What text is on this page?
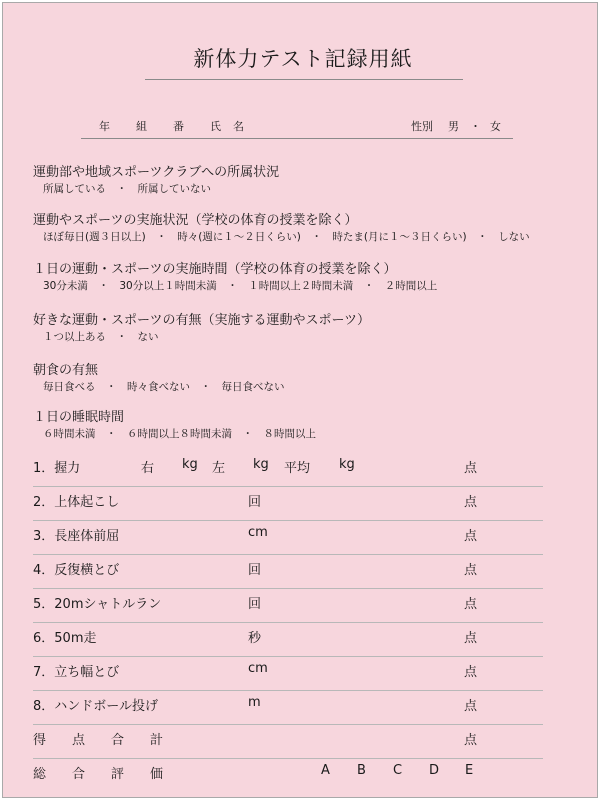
新体力テスト記録用紙
年 組 番 氏 名	性別 男 ・ 女
運動部や地域スポーツクラブへの所属状況
所属している　・　所属していない
運動やスポーツの実施状況（学校の体育の授業を除く）
ほぼ毎日(週３日以上)　・　時々(週に１～２日くらい)　・　時たま(月に１～３日くらい)　・　しない
１日の運動・スポーツの実施時間（学校の体育の授業を除く）
30分未満　・　30分以上１時間未満　・　１時間以上２時間未満　・　２時間以上
好きな運動・スポーツの有無（実施する運動やスポーツ）
１つ以上ある　・　ない
朝食の有無
毎日食べる　・　時々食べない　・　毎日食べない
１日の睡眠時間
６時間未満　・　６時間以上８時間未満　・　８時間以上
1．握力	右 kg 左 kg 平均 kg	点
2．上体起こし	回	点
3．長座体前屈	cm	点
4．反復横とび	回	点
5．20mシャトルラン	回	点
6．50m走	秒	点
7．立ち幅とび	cm	点
8．ハンドボール投げ	m	点
得　　点　　合　　計	点
総　　合　　評　　価	A B C D E
